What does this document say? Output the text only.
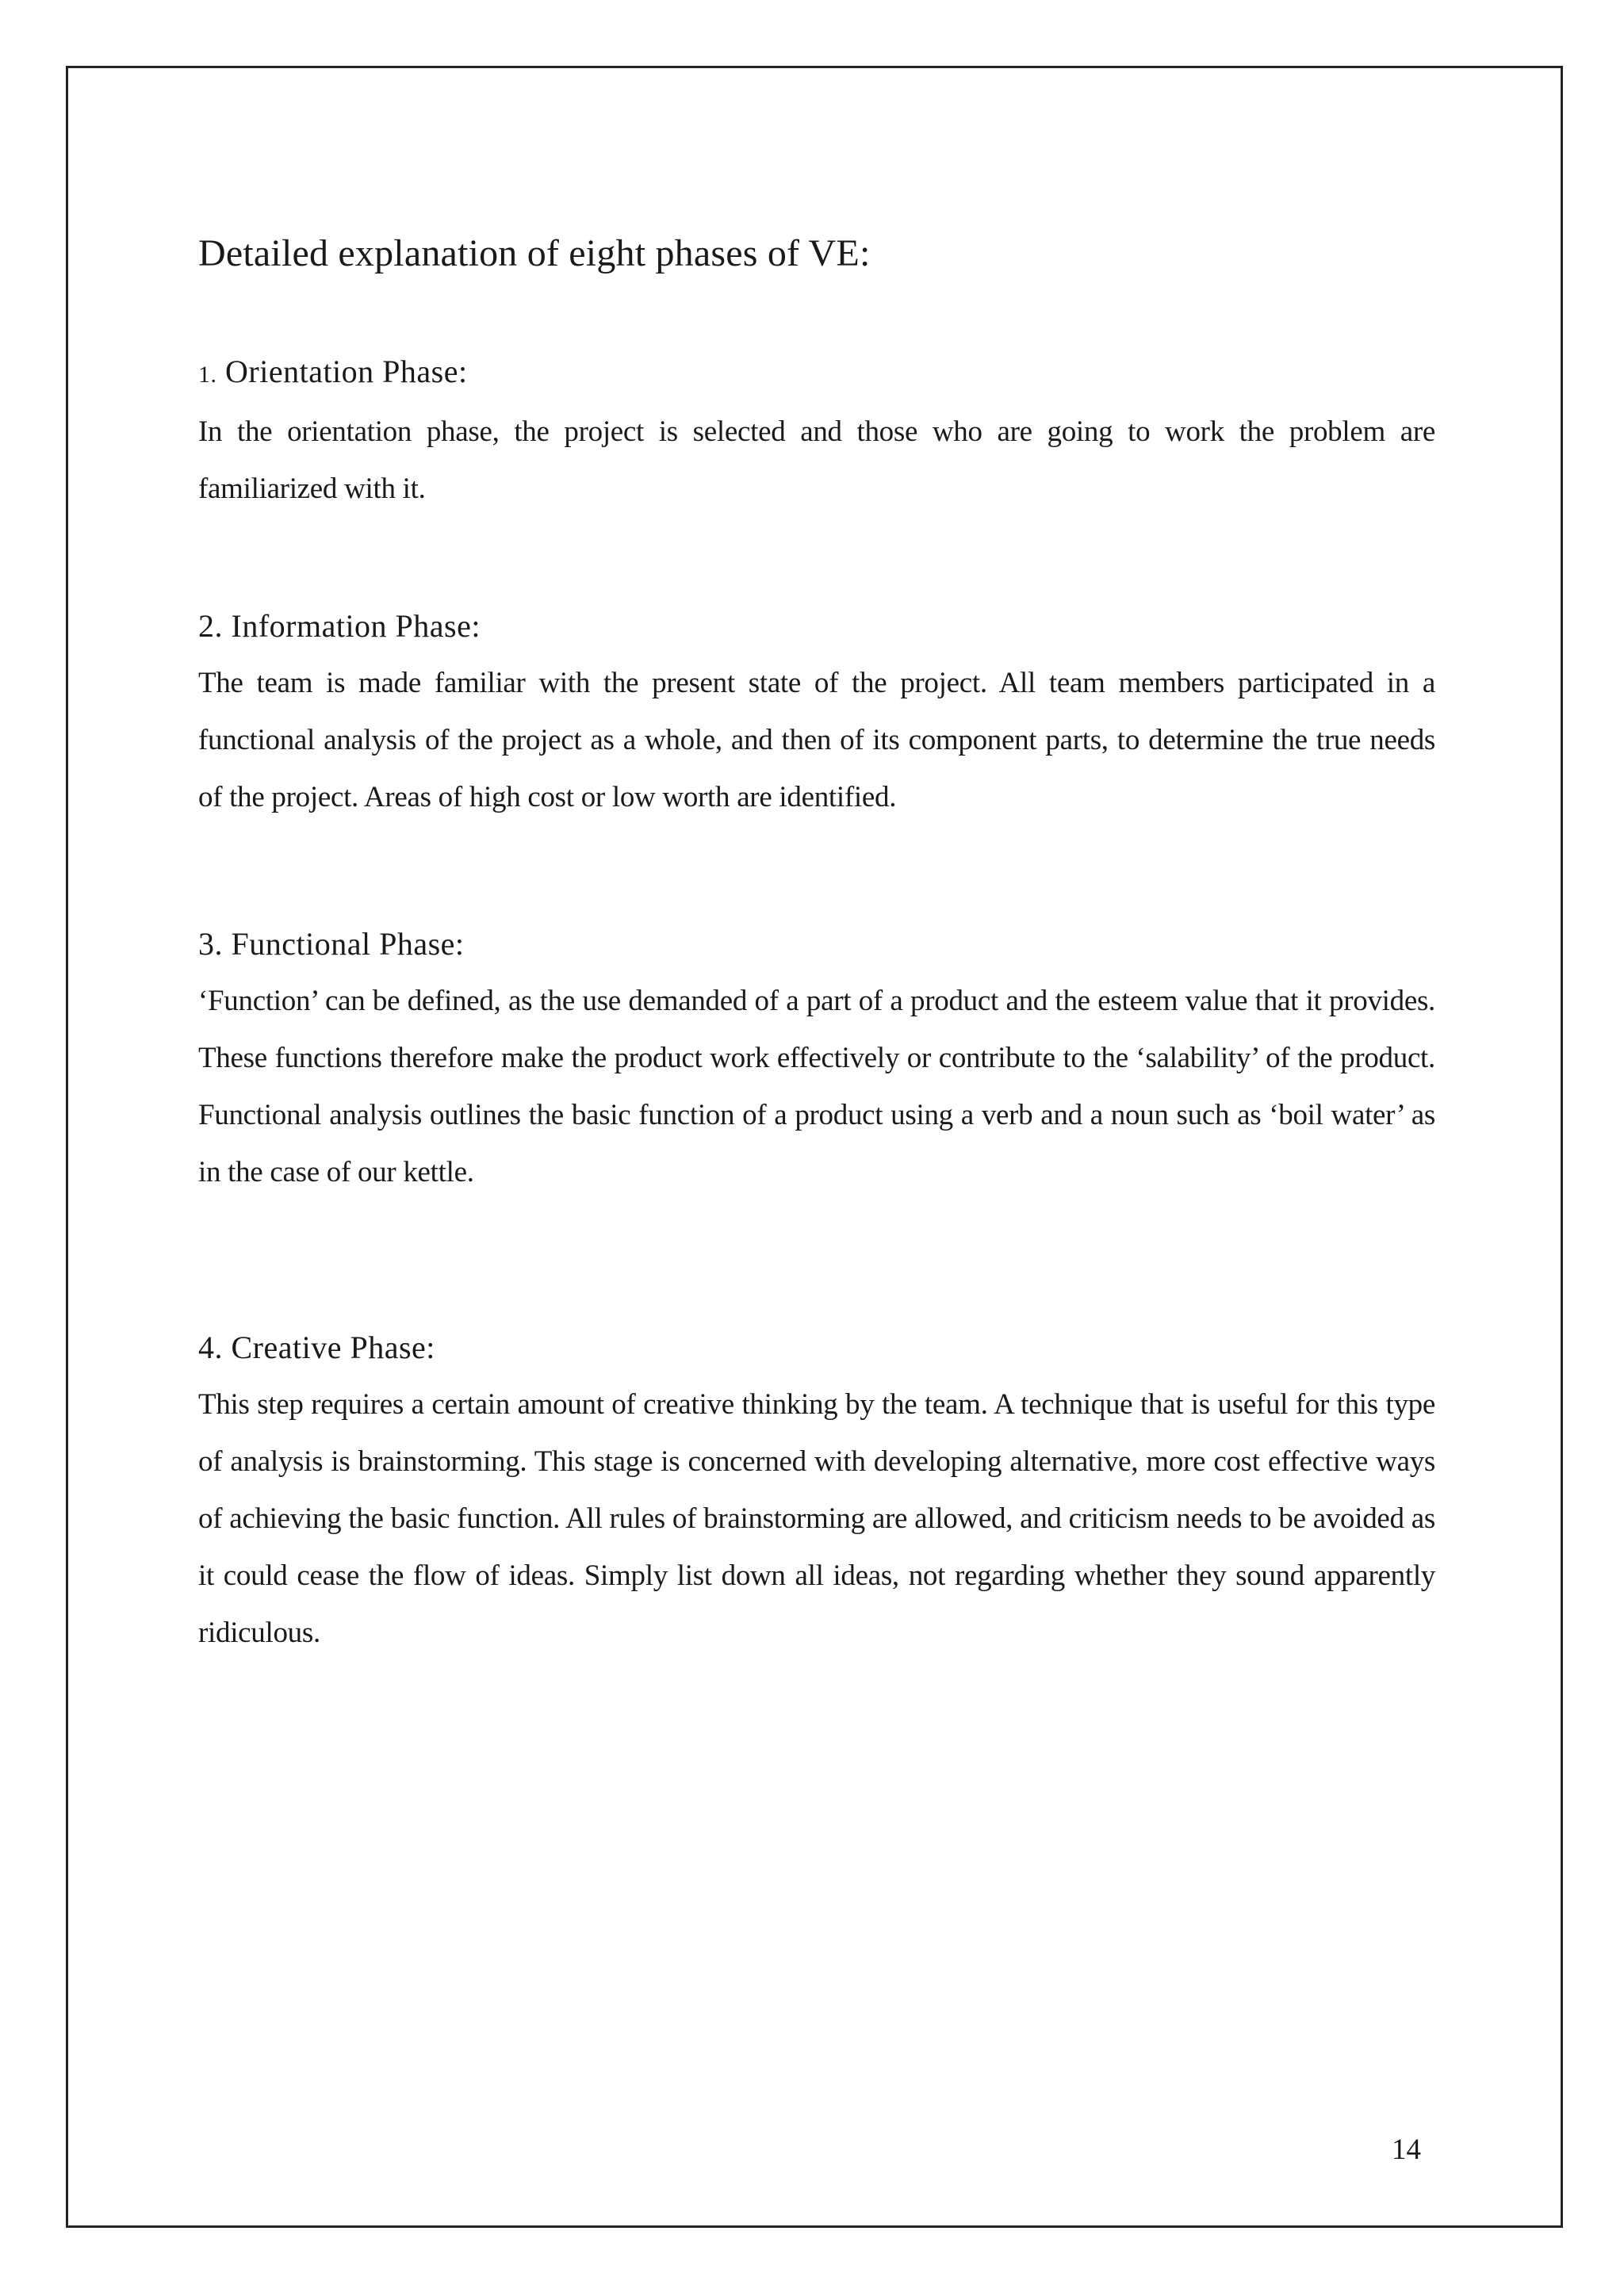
Detailed explanation of eight phases of VE:
1. Orientation Phase:

In the orientation phase, the project is selected and those who are going to work the problem are familiarized with it.

2. Information Phase:

The team is made familiar with the present state of the project. All team members participated in a functional analysis of the project as a whole, and then of its component parts, to determine the true needs of the project. Areas of high cost or low worth are identified.

3. Functional Phase:

‘Function’ can be defined, as the use demanded of a part of a product and the esteem value that it provides. These functions therefore make the product work effectively or contribute to the ‘salability’ of the product. Functional analysis outlines the basic function of a product using a verb and a noun such as ‘boil water’ as in the case of our kettle.

4. Creative Phase:

This step requires a certain amount of creative thinking by the team. A technique that is useful for this type of analysis is brainstorming. This stage is concerned with developing alternative, more cost effective ways of achieving the basic function. All rules of brainstorming are allowed, and criticism needs to be avoided as it could cease the flow of ideas. Simply list down all ideas, not regarding whether they sound apparently ridiculous.

14
